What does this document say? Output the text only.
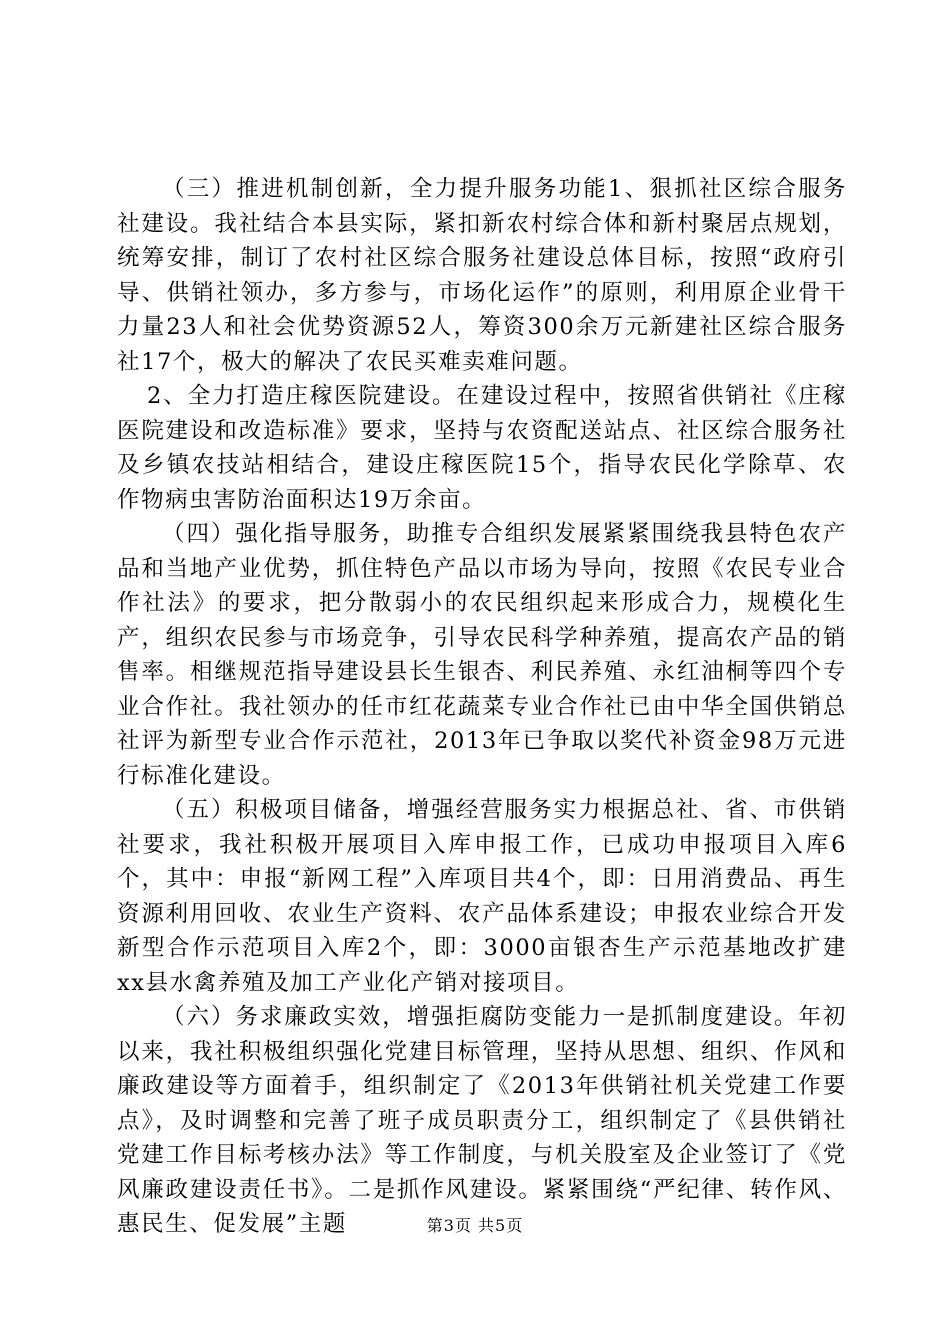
（三）推进机制创新，全力提升服务功能1、狠抓社区综合服务社建设。我社结合本县实际，紧扣新农村综合体和新村聚居点规划，统筹安排，制订了农村社区综合服务社建设总体目标，按照“政府引导、供销社领办，多方参与，市场化运作”的原则，利用原企业骨干力量23人和社会优势资源52人，筹资300余万元新建社区综合服务社17个，极大的解决了农民买难卖难问题。

2、全力打造庄稼医院建设。在建设过程中，按照省供销社《庄稼医院建设和改造标准》要求，坚持与农资配送站点、社区综合服务社及乡镇农技站相结合，建设庄稼医院15个，指导农民化学除草、农作物病虫害防治面积达19万余亩。

（四）强化指导服务，助推专合组织发展紧紧围绕我县特色农产品和当地产业优势，抓住特色产品以市场为导向，按照《农民专业合作社法》的要求，把分散弱小的农民组织起来形成合力，规模化生产，组织农民参与市场竞争，引导农民科学种养殖，提高农产品的销售率。相继规范指导建设县长生银杏、利民养殖、永红油桐等四个专业合作社。我社领办的任市红花蔬菜专业合作社已由中华全国供销总社评为新型专业合作示范社，2013年已争取以奖代补资金98万元进行标准化建设。

（五）积极项目储备，增强经营服务实力根据总社、省、市供销社要求，我社积极开展项目入库申报工作，已成功申报项目入库6个，其中：申报“新网工程”入库项目共4个，即：日用消费品、再生资源利用回收、农业生产资料、农产品体系建设；申报农业综合开发新型合作示范项目入库2个，即：3000亩银杏生产示范基地改扩建xx县水禽养殖及加工产业化产销对接项目。

（六）务求廉政实效，增强拒腐防变能力一是抓制度建设。年初以来，我社积极组织强化党建目标管理，坚持从思想、组织、作风和廉政建设等方面着手，组织制定了《2013年供销社机关党建工作要点》，及时调整和完善了班子成员职责分工，组织制定了《县供销社党建工作目标考核办法》等工作制度，与机关股室及企业签订了《党风廉政建设责任书》。二是抓作风建设。紧紧围绕“严纪律、转作风、惠民生、促发展”主题	第3页 共5页
